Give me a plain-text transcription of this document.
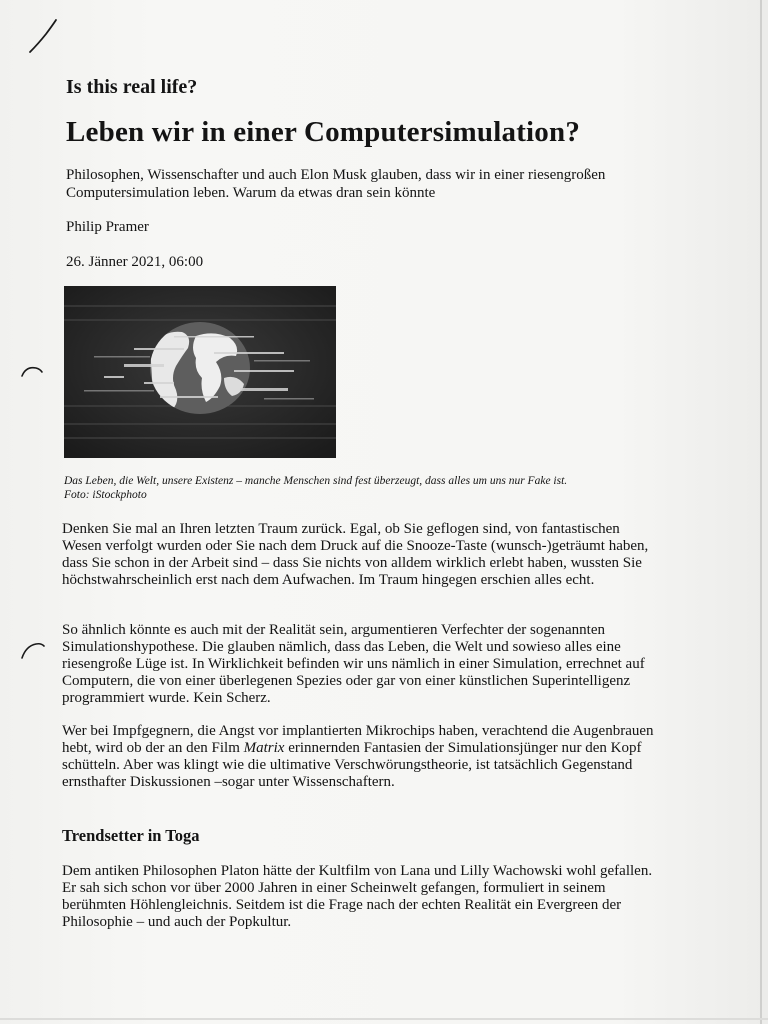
Is this real life?
Leben wir in einer Computersimulation?
Philosophen, Wissenschafter und auch Elon Musk glauben, dass wir in einer riesengroßen Computersimulation leben. Warum da etwas dran sein könnte
Philip Pramer
26. Jänner 2021, 06:00
Das Leben, die Welt, unsere Existenz – manche Menschen sind fest überzeugt, dass alles um uns nur Fake ist.
Foto: iStockphoto
Denken Sie mal an Ihren letzten Traum zurück. Egal, ob Sie geflogen sind, von fantastischen Wesen verfolgt wurden oder Sie nach dem Druck auf die Snooze-Taste (wunsch-)geträumt haben, dass Sie schon in der Arbeit sind – dass Sie nichts von alldem wirklich erlebt haben, wussten Sie höchstwahrscheinlich erst nach dem Aufwachen. Im Traum hingegen erschien alles echt.
So ähnlich könnte es auch mit der Realität sein, argumentieren Verfechter der sogenannten Simulationshypothese. Die glauben nämlich, dass das Leben, die Welt und sowieso alles eine riesengroße Lüge ist. In Wirklichkeit befinden wir uns nämlich in einer Simulation, errechnet auf Computern, die von einer überlegenen Spezies oder gar von einer künstlichen Superintelligenz programmiert wurde. Kein Scherz.
Wer bei Impfgegnern, die Angst vor implantierten Mikrochips haben, verachtend die Augenbrauen hebt, wird ob der an den Film Matrix erinnernden Fantasien der Simulationsjünger nur den Kopf schütteln. Aber was klingt wie die ultimative Verschwörungstheorie, ist tatsächlich Gegenstand ernsthafter Diskussionen –sogar unter Wissenschaftern.
Trendsetter in Toga
Dem antiken Philosophen Platon hätte der Kultfilm von Lana und Lilly Wachowski wohl gefallen. Er sah sich schon vor über 2000 Jahren in einer Scheinwelt gefangen, formuliert in seinem berühmten Höhlengleichnis. Seitdem ist die Frage nach der echten Realität ein Evergreen der Philosophie – und auch der Popkultur.
